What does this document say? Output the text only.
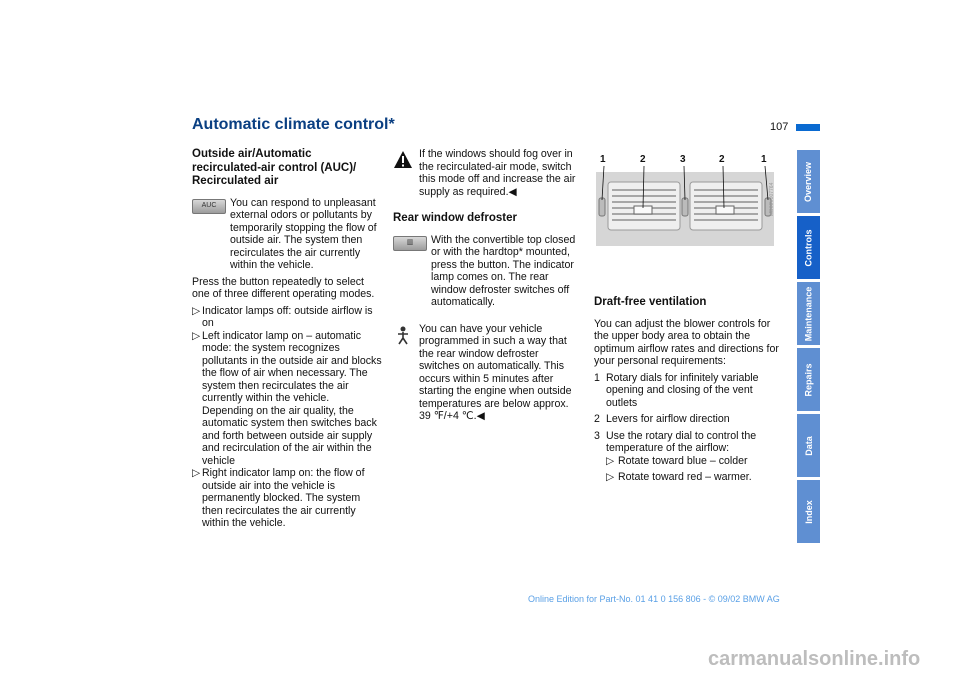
Automatic climate control*	107
Outside air/Automatic recirculated-air control (AUC)/ Recirculated air
AUC You can respond to unpleasant external odors or pollutants by temporarily stopping the flow of outside air. The system then recirculates the air currently within the vehicle.

Press the button repeatedly to select one of three different operating modes.

▷ Indicator lamps off: outside airflow is on
▷ Left indicator lamp on – automatic mode: the system recognizes pollutants in the outside air and blocks the flow of air when necessary. The system then recirculates the air currently within the vehicle. Depending on the air quality, the automatic system then switches back and forth between outside air supply and recirculation of the air within the vehicle
▷ Right indicator lamp on: the flow of outside air into the vehicle is permanently blocked. The system then recirculates the air currently within the vehicle.

If the windows should fog over in the recirculated-air mode, switch this mode off and increase the air supply as required.◀

Rear window defroster
▥ With the convertible top closed or with the hardtop* mounted, press the button. The indicator lamp comes on. The rear window defroster switches off automatically.

You can have your vehicle programmed in such a way that the rear window defroster switches on automatically. This occurs within 5 minutes after starting the engine when outside temperatures are below approx. 39 ℉/+4 ℃.◀

1	2	3	2	1
MD00V007764
Draft-free ventilation

You can adjust the blower controls for the upper body area to obtain the optimum airflow rates and directions for your personal requirements:

1 Rotary dials for infinitely variable opening and closing of the vent outlets
2 Levers for airflow direction
3 Use the rotary dial to control the temperature of the airflow:
▷ Rotate toward blue – colder
▷ Rotate toward red – warmer.
Overview
Controls
Maintenance
Repairs
Data
Index
Online Edition for Part-No. 01 41 0 156 806 - © 09/02 BMW AG
carmanualsonline.info
